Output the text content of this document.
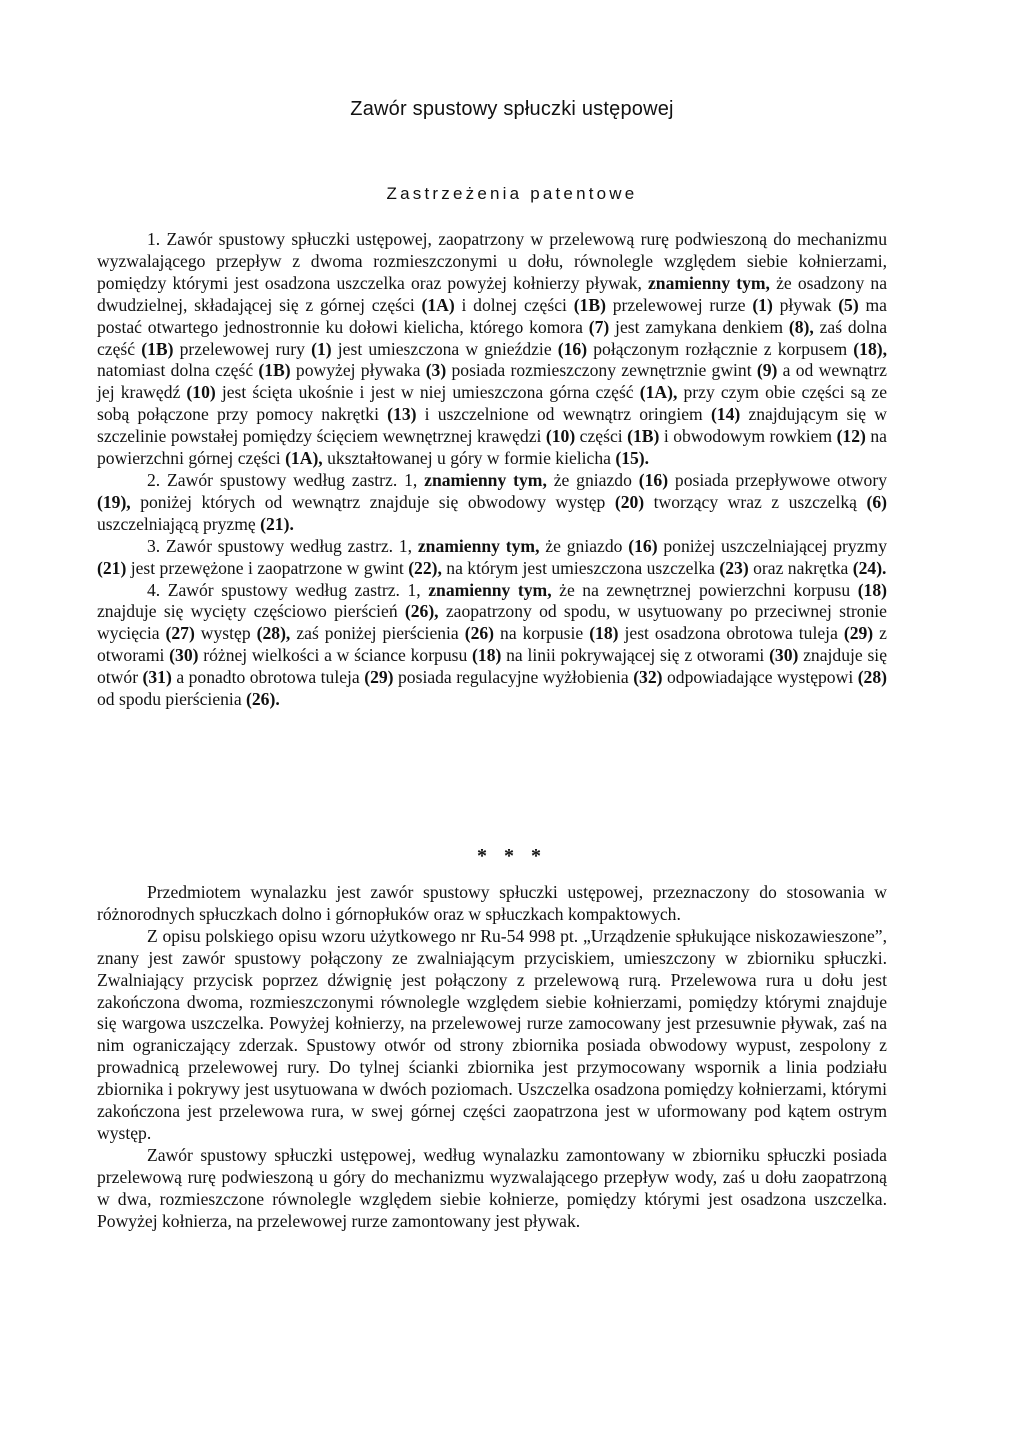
Zawór spustowy spłuczki ustępowej
Zastrzeżenia patentowe

1. Zawór spustowy spłuczki ustępowej, zaopatrzony w przelewową rurę podwieszoną do mechanizmu wyzwalającego przepływ z dwoma rozmieszczonymi u dołu, równolegle względem siebie kołnierzami, pomiędzy którymi jest osadzona uszczelka oraz powyżej kołnierzy pływak, znamienny tym, że osadzony na dwudzielnej, składającej się z górnej części (1A) i dolnej części (1B) przelewowej rurze (1) pływak (5) ma postać otwartego jednostronnie ku dołowi kielicha, którego komora (7) jest zamykana denkiem (8), zaś dolna część (1B) przelewowej rury (1) jest umieszczona w gnieździe (16) połączonym rozłącznie z korpusem (18), natomiast dolna część (1B) powyżej pływaka (3) posiada rozmieszczony zewnętrznie gwint (9) a od wewnątrz jej krawędź (10) jest ścięta ukośnie i jest w niej umieszczona górna część (1A), przy czym obie części są ze sobą połączone przy pomocy nakrętki (13) i uszczelnione od wewnątrz oringiem (14) znajdującym się w szczelinie powstałej pomiędzy ścięciem wewnętrznej krawędzi (10) części (1B) i obwodowym rowkiem (12) na powierzchni górnej części (1A), ukształtowanej u góry w formie kielicha (15).

2. Zawór spustowy według zastrz. 1, znamienny tym, że gniazdo (16) posiada przepływowe otwory (19), poniżej których od wewnątrz znajduje się obwodowy występ (20) tworzący wraz z uszczelką (6) uszczelniającą pryzmę (21).

3. Zawór spustowy według zastrz. 1, znamienny tym, że gniazdo (16) poniżej uszczelniającej pryzmy (21) jest przewężone i zaopatrzone w gwint (22), na którym jest umieszczona uszczelka (23) oraz nakrętka (24).

4. Zawór spustowy według zastrz. 1, znamienny tym, że na zewnętrznej powierzchni korpusu (18) znajduje się wycięty częściowo pierścień (26), zaopatrzony od spodu, w usytuowany po przeciwnej stronie wycięcia (27) występ (28), zaś poniżej pierścienia (26) na korpusie (18) jest osadzona obrotowa tuleja (29) z otworami (30) różnej wielkości a w ściance korpusu (18) na linii pokrywającej się z otworami (30) znajduje się otwór (31) a ponadto obrotowa tuleja (29) posiada regulacyjne wyżłobienia (32) odpowiadające występowi (28) od spodu pierścienia (26).

* * *

Przedmiotem wynalazku jest zawór spustowy spłuczki ustępowej, przeznaczony do stosowania w różnorodnych spłuczkach dolno i górnopłuków oraz w spłuczkach kompaktowych.

Z opisu polskiego opisu wzoru użytkowego nr Ru-54 998 pt. „Urządzenie spłukujące niskozawieszone”, znany jest zawór spustowy połączony ze zwalniającym przyciskiem, umieszczony w zbiorniku spłuczki. Zwalniający przycisk poprzez dźwignię jest połączony z przelewową rurą. Przelewowa rura u dołu jest zakończona dwoma, rozmieszczonymi równolegle względem siebie kołnierzami, pomiędzy którymi znajduje się wargowa uszczelka. Powyżej kołnierzy, na przelewowej rurze zamocowany jest przesuwnie pływak, zaś na nim ograniczający zderzak. Spustowy otwór od strony zbiornika posiada obwodowy wypust, zespolony z prowadnicą przelewowej rury. Do tylnej ścianki zbiornika jest przymocowany wspornik a linia podziału zbiornika i pokrywy jest usytuowana w dwóch poziomach. Uszczelka osadzona pomiędzy kołnierzami, którymi zakończona jest przelewowa rura, w swej górnej części zaopatrzona jest w uformowany pod kątem ostrym występ.

Zawór spustowy spłuczki ustępowej, według wynalazku zamontowany w zbiorniku spłuczki posiada przelewową rurę podwieszoną u góry do mechanizmu wyzwalającego przepływ wody, zaś u dołu zaopatrzoną w dwa, rozmieszczone równolegle względem siebie kołnierze, pomiędzy którymi jest osadzona uszczelka. Powyżej kołnierza, na przelewowej rurze zamontowany jest pływak.
